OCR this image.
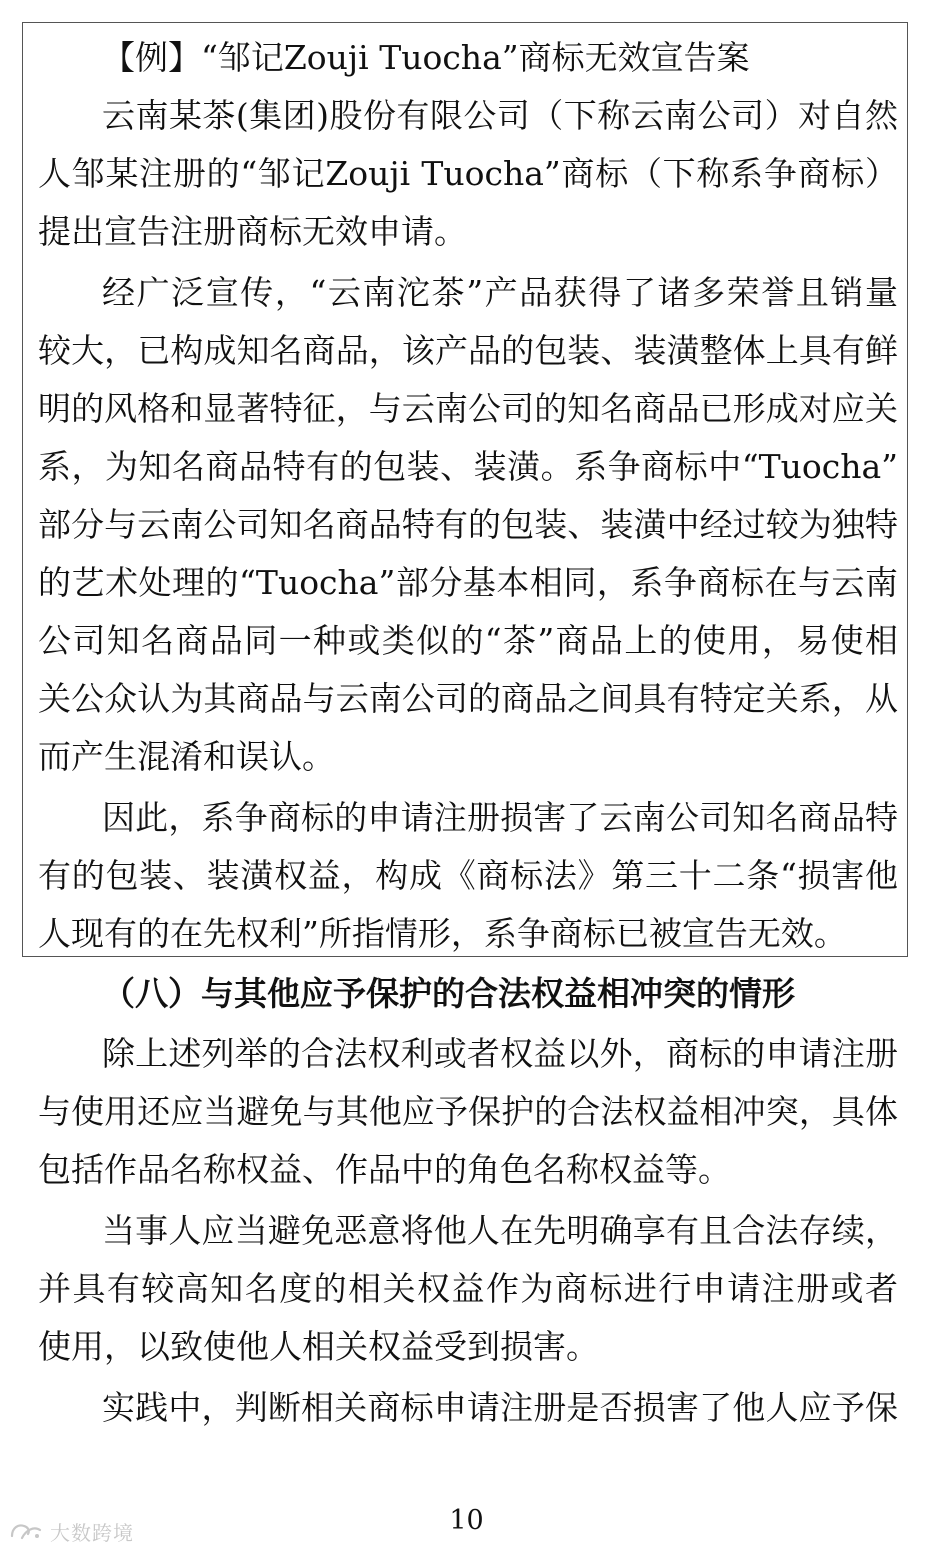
【例】“邹记Zouji Tuocha”商标无效宣告案
云南某茶(集团)股份有限公司（下称云南公司）对自然
人邹某注册的“邹记Zouji Tuocha”商标（下称系争商标）
提出宣告注册商标无效申请。
经广泛宣传，“云南沱茶”产品获得了诸多荣誉且销量
较大，已构成知名商品，该产品的包装、装潢整体上具有鲜
明的风格和显著特征，与云南公司的知名商品已形成对应关
系，为知名商品特有的包装、装潢。系争商标中“Tuocha”
部分与云南公司知名商品特有的包装、装潢中经过较为独特
的艺术处理的“Tuocha”部分基本相同，系争商标在与云南
公司知名商品同一种或类似的“茶”商品上的使用，易使相
关公众认为其商品与云南公司的商品之间具有特定关系，从
而产生混淆和误认。
因此，系争商标的申请注册损害了云南公司知名商品特
有的包装、装潢权益，构成《商标法》第三十二条“损害他
人现有的在先权利”所指情形，系争商标已被宣告无效。
（八）与其他应予保护的合法权益相冲突的情形
除上述列举的合法权利或者权益以外，商标的申请注册
与使用还应当避免与其他应予保护的合法权益相冲突，具体
包括作品名称权益、作品中的角色名称权益等。
当事人应当避免恶意将他人在先明确享有且合法存续，
并具有较高知名度的相关权益作为商标进行申请注册或者
使用，以致使他人相关权益受到损害。
实践中，判断相关商标申请注册是否损害了他人应予保
10
大数跨境
